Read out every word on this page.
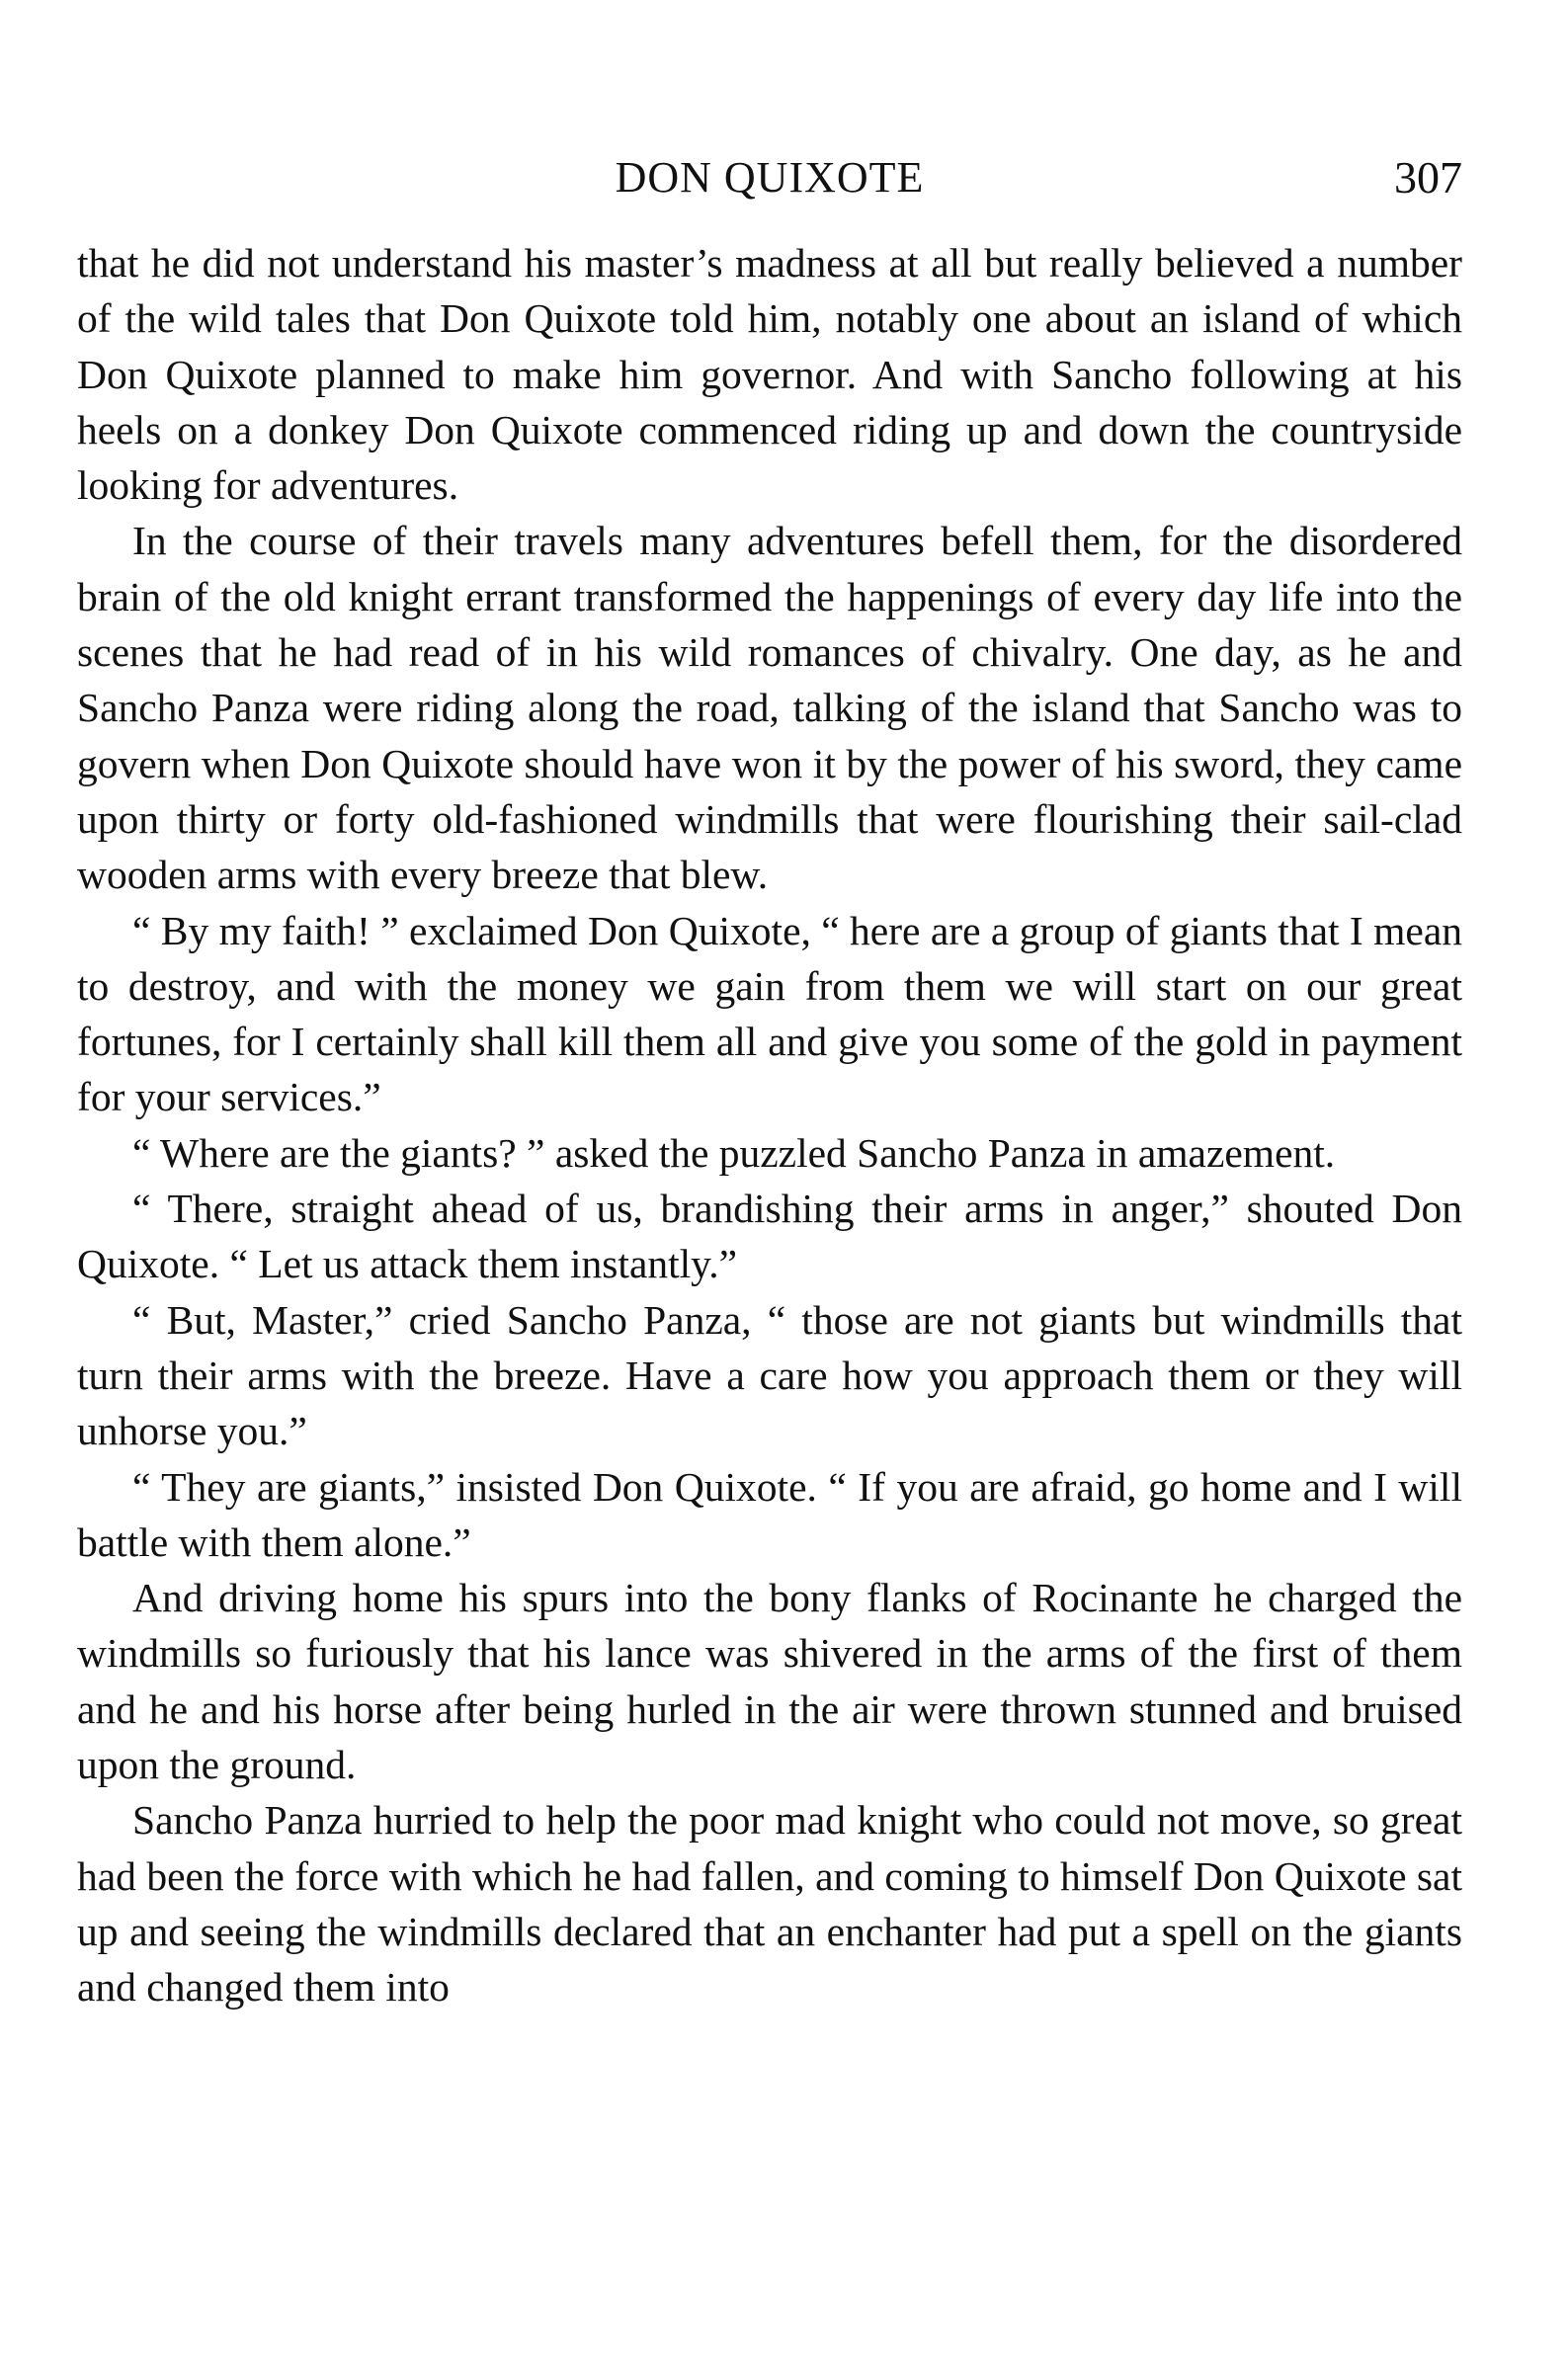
DON QUIXOTE	307

that he did not understand his master’s madness at all but really believed a number of the wild tales that Don Quixote told him, notably one about an island of which Don Quixote planned to make him governor. And with Sancho following at his heels on a donkey Don Quixote commenced riding up and down the countryside looking for adventures.

In the course of their travels many adventures befell them, for the disordered brain of the old knight errant transformed the happenings of every day life into the scenes that he had read of in his wild romances of chivalry. One day, as he and Sancho Panza were riding along the road, talking of the island that Sancho was to govern when Don Quixote should have won it by the power of his sword, they came upon thirty or forty old-fashioned windmills that were flourishing their sail-clad wooden arms with every breeze that blew.

“ By my faith! ” exclaimed Don Quixote, “ here are a group of giants that I mean to destroy, and with the money we gain from them we will start on our great fortunes, for I certainly shall kill them all and give you some of the gold in payment for your services.”

“ Where are the giants? ” asked the puzzled Sancho Panza in amazement.

“ There, straight ahead of us, brandishing their arms in anger,” shouted Don Quixote. “ Let us attack them instantly.”

“ But, Master,” cried Sancho Panza, “ those are not giants but windmills that turn their arms with the breeze. Have a care how you approach them or they will unhorse you.”

“ They are giants,” insisted Don Quixote. “ If you are afraid, go home and I will battle with them alone.”

And driving home his spurs into the bony flanks of Rocinante he charged the windmills so furiously that his lance was shivered in the arms of the first of them and he and his horse after being hurled in the air were thrown stunned and bruised upon the ground.

Sancho Panza hurried to help the poor mad knight who could not move, so great had been the force with which he had fallen, and coming to himself Don Quixote sat up and seeing the windmills declared that an enchanter had put a spell on the giants and changed them into
